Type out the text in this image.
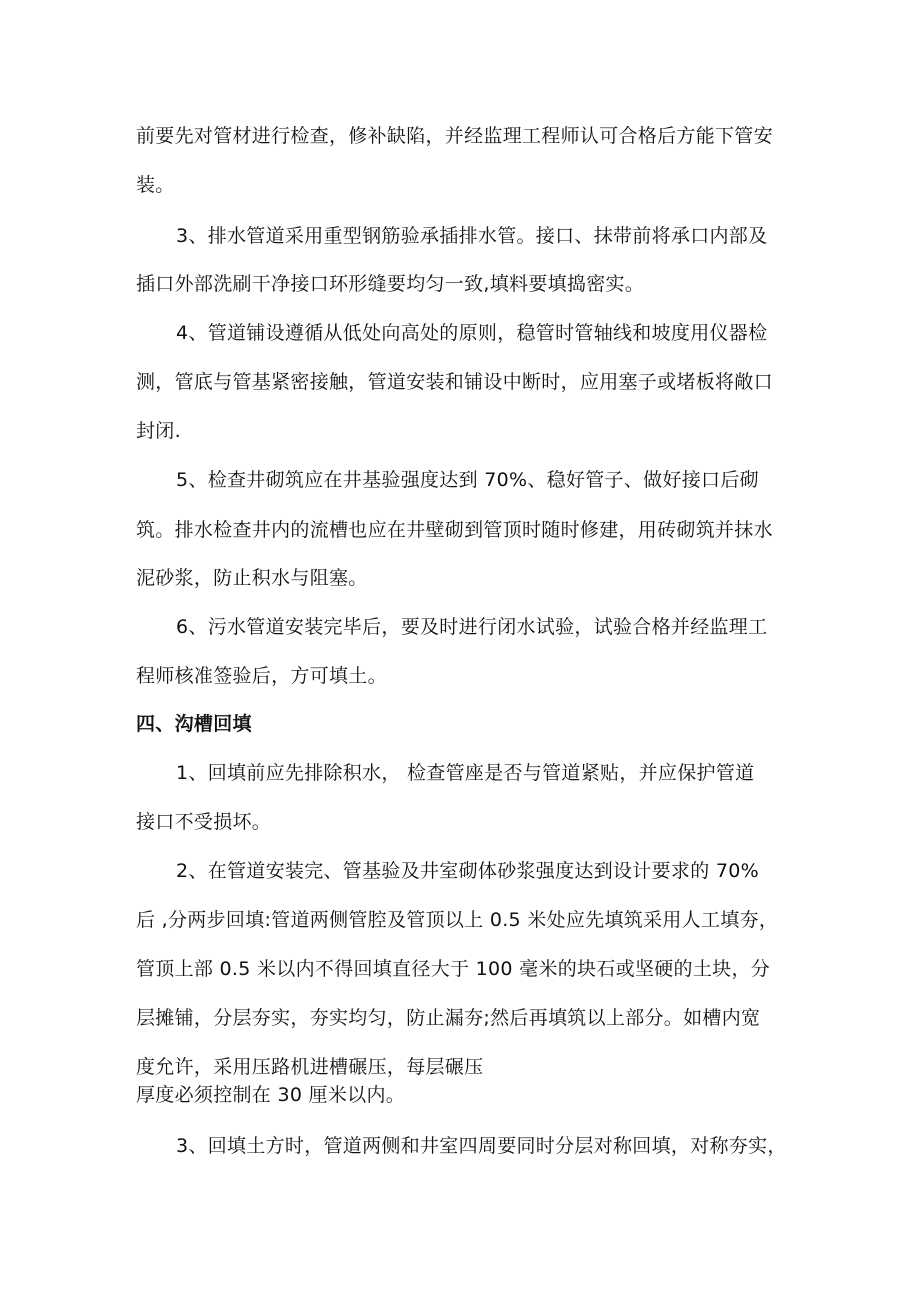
前要先对管材进行检查，修补缺陷，并经监理工程师认可合格后方能下管安

装。

3、排水管道采用重型钢筋验承插排水管。接口、抹带前将承口内部及

插口外部洗刷干净接口环形缝要均匀一致,填料要填捣密实。

4、管道铺设遵循从低处向高处的原则，稳管时管轴线和坡度用仪器检

测，管底与管基紧密接触，管道安装和铺设中断时，应用塞子或堵板将敞口

封闭.

5、检查井砌筑应在井基验强度达到 70%、稳好管子、做好接口后砌

筑。排水检查井内的流槽也应在井壁砌到管顶时随时修建，用砖砌筑并抹水

泥砂浆，防止积水与阻塞。

6、污水管道安装完毕后，要及时进行闭水试验，试验合格并经监理工

程师核准签验后，方可填土。

四、沟槽回填

1、回填前应先排除积水， 检查管座是否与管道紧贴，并应保护管道

接口不受损坏。

2、在管道安装完、管基验及井室砌体砂浆强度达到设计要求的 70%

后 ,分两步回填:管道两侧管腔及管顶以上 0.5 米处应先填筑采用人工填夯，

管顶上部 0.5 米以内不得回填直径大于 100 毫米的块石或坚硬的土块，分

层摊铺，分层夯实，夯实均匀，防止漏夯;然后再填筑以上部分。如槽内宽

度允许，采用压路机进槽碾压，每层碾压

厚度必须控制在 30 厘米以内。

3、回填土方时，管道两侧和井室四周要同时分层对称回填，对称夯实，
